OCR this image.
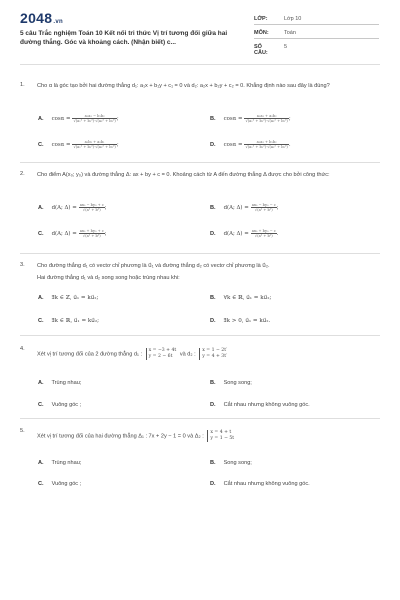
2048.vn
5 câu Trắc nghiệm Toán 10 Kết nối tri thức Vị trí tương đối giữa hai đường thẳng. Góc và khoảng cách. (Nhận biết) c...
LỚP:	Lớp 10
MÔN:	Toán
SỐ CÂU:
5
1. Cho α là góc tạo bởi hai đường thẳng d₁: a₁x + b₁y + c₁ = 0 và d₂: a₂x + b₂y + c₂ = 0. Khẳng định nào sau đây là đúng?
A. $\cos\alpha = \frac{\text{a₁a₂ − b₁b₂}}{\text{√(a₁² + b₁²)·√(a₂² + b₂²)}}$ ;	B. $\cos\alpha = \frac{\text{a₁a₂ + a₂b₂}}{\text{√(a₁² + b₁²)·√(a₂² + b₂²)}}$ ;
C. $\cos\alpha = \frac{\text{a₁b₂ + a₂b₁}}{\text{√(a₁² + b₁²)·√(a₂² + b₂²)}}$ ;	D. $\cos\alpha = \frac{\text{a₁a₂ + b₁b₂}}{\text{√(a₁² + b₁²)·√(a₂² + b₂²)}}$ .
2. Cho điểm A(x₀; y₀) và đường thẳng Δ: ax + by + c = 0. Khoảng cách từ A đến đường thẳng Δ được cho bởi công thức:
A. d(A; $\Delta) = \frac{\text{ax₀ − by₀ + c}}{\text{√(a² + b²)}}$ ;	B. d(A; $\Delta) = \frac{\text{ax₀ − by₀ − c}}{\text{√(a² + b²)}}$ ;
C. d(A; $\Delta) = \frac{\text{ax₀ + by₀ + c}}{\text{√(a² + b²)}}$ ;	D. d(A; $\Delta) = \frac{\text{ax₀ + by₀ − c}}{\text{√(a² + b²)}}$ .
3. Cho đường thẳng d₁ có vectơ chỉ phương là u⃗₁ và đường thẳng d₂ có vectơ chỉ phương là u⃗₂.
Hai đường thẳng d₁ và d₂ song song hoặc trùng nhau khi:
A. ∃k ∈ ℤ, u⃗₁ = ku⃗₂;	B. ∀k ∈ ℝ, u⃗₁ = ku⃗₂;
C. ∃k ∈ ℝ, u⃗₁ = ku⃗₂;	D. ∃k > 0, u⃗₁ = ku⃗₂.
4.
Xét vị trí tương đối của 2 đường thẳng d₁ : x = −3 + 4t
y = 2 − 6t và d₂ : x = 1 − 2t′
y = 4 + 3t′
A. Trùng nhau;	B. Song song;
C. Vuông góc ;	D. Cắt nhau nhưng không vuông góc.
5.
Xét vị trí tương đối của hai đường thẳng Δ₁ : 7x + 2y − 1 = 0 và Δ₂ : x = 4 + t
y = 1 − 5t
A. Trùng nhau;	B. Song song;
C. Vuông góc ;	D. Cắt nhau nhưng không vuông góc.
